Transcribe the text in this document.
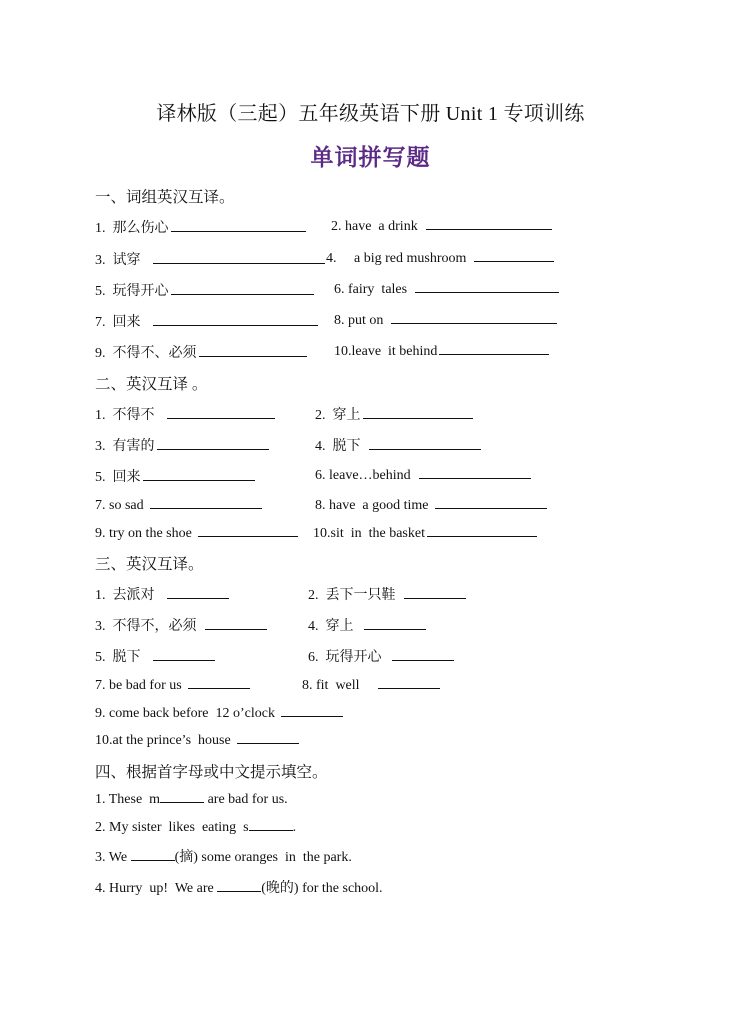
译林版（三起）五年级英语下册 Unit 1 专项训练
单词拼写题
一、词组英汉互译。
1.  那么伤心	2. have  a drink
3.  试穿	4.     a big red mushroom
5.  玩得开心	6. fairy  tales
7.  回来	8. put on
9.  不得不、必须	10.leave  it behind
二、英汉互译 。
1.  不得不	2.  穿上
3.  有害的	4.  脱下
5.  回来	6. leave…behind
7. so sad	8. have  a good time
9. try on the shoe	10.sit  in  the basket
三、英汉互译。
1.  去派对	2.  丢下一只鞋
3.  不得不，必须	4.  穿上
5.  脱下	6.  玩得开心
7. be bad for us	8. fit  well
9. come back before  12 o’clock
10.at the prince’s  house
四、根据首字母或中文提示填空。
1. These  m	are bad for us.
2. My sister  likes  eating  s	.
3. We	(摘) some oranges  in  the park.
4. Hurry  up!  We are	(晚的) for the school.
